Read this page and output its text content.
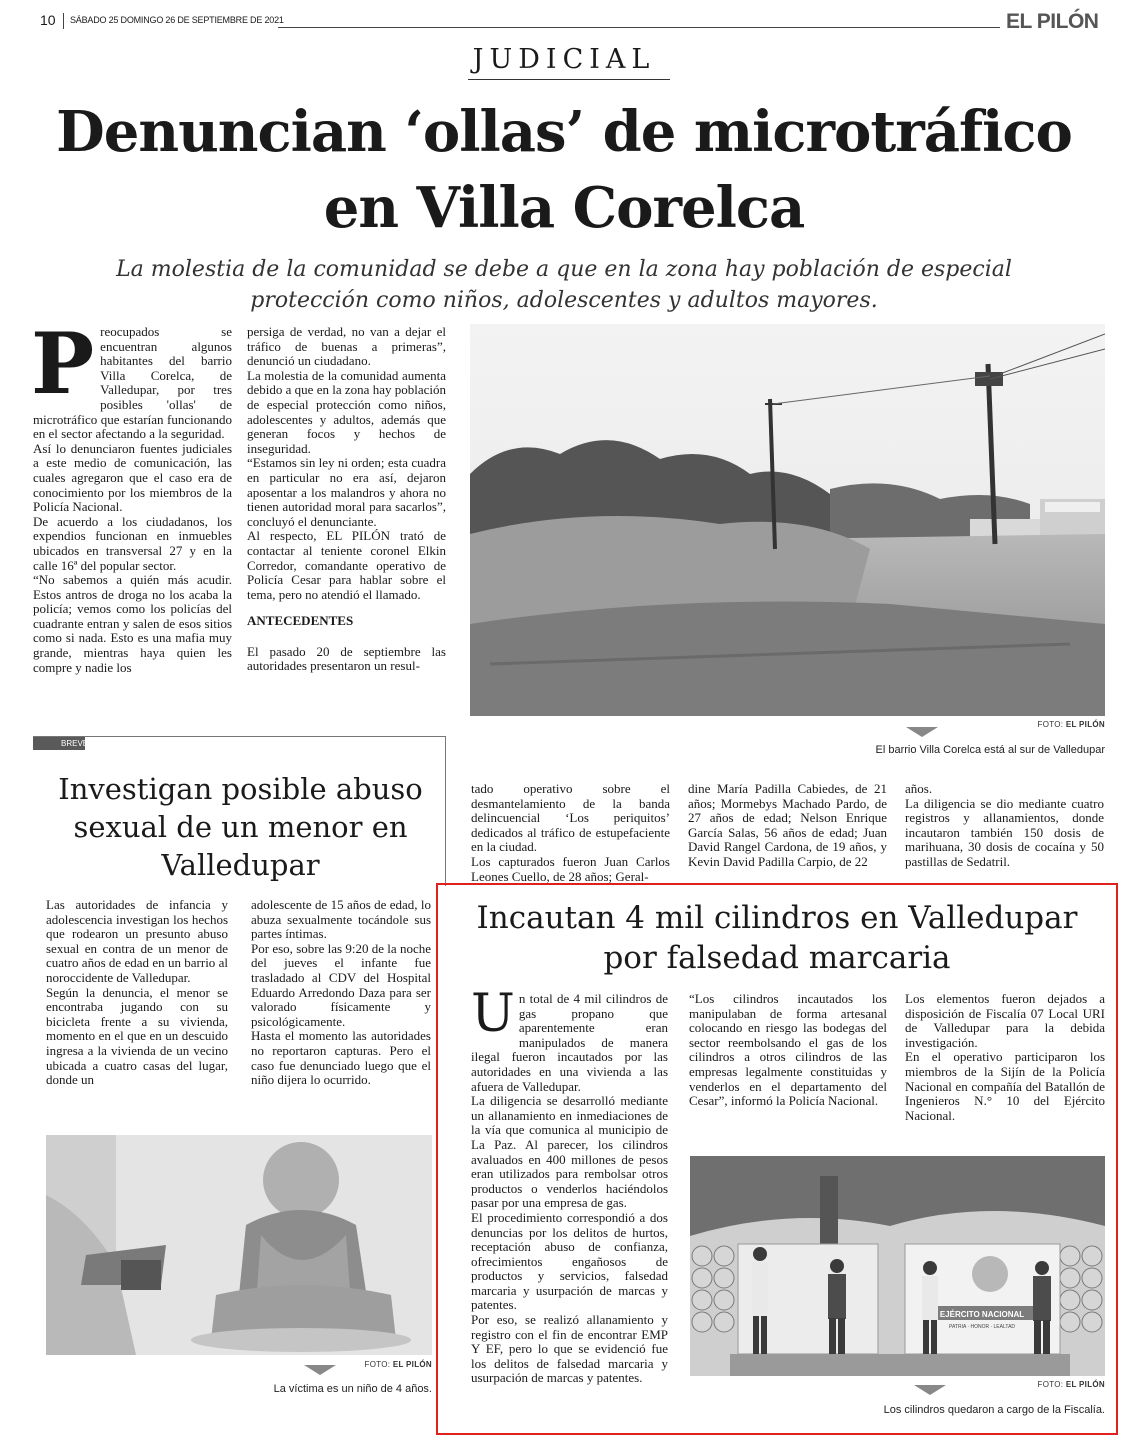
10 SÁBADO 25 DOMINGO 26 DE SEPTIEMBRE DE 2021	EL PILÓN
JUDICIAL
Denuncian ‘ollas’ de microtráfico
en Villa Corelca
La molestia de la comunidad se debe a que en la zona hay población de especial
protección como niños, adolescentes y adultos mayores.
P reocupados se encuentran algunos habitantes del barrio Villa Corelca, de Valledupar, por tres posibles 'ollas' de microtráfico que estarían funcionando en el sector afectando a la seguridad.

Así lo denunciaron fuentes judiciales a este medio de comunicación, las cuales agregaron que el caso era de conocimiento por los miembros de la Policía Nacional.

De acuerdo a los ciudadanos, los expendios funcionan en inmuebles ubicados en transversal 27 y en la calle 16ª del popular sector.

“No sabemos a quién más acudir. Estos antros de droga no los acaba la policía; vemos como los policías del cuadrante entran y salen de esos sitios como si nada. Esto es una mafia muy grande, mientras haya quien les compre y nadie los

persiga de verdad, no van a dejar el tráfico de buenas a primeras”, denunció un ciudadano.

La molestia de la comunidad aumenta debido a que en la zona hay población de especial protección como niños, adolescentes y adultos, además que generan focos y hechos de inseguridad.

“Estamos sin ley ni orden; esta cuadra en particular no era así, dejaron aposentar a los malandros y ahora no tienen autoridad moral para sacarlos”, concluyó el denunciante.

Al respecto, EL PILÓN trató de contactar al teniente coronel Elkin Corredor, comandante operativo de Policía Cesar para hablar sobre el tema, pero no atendió el llamado.

ANTECEDENTES

El pasado 20 de septiembre las autoridades presentaron un resul-

FOTO: EL PILÓN
El barrio Villa Corelca está al sur de Valledupar
BREVE
Investigan posible abuso sexual de un menor en Valledupar

Las autoridades de infancia y adolescencia investigan los hechos que rodearon un presunto abuso sexual en contra de un menor de cuatro años de edad en un barrio al noroccidente de Valledupar.

Según la denuncia, el menor se encontraba jugando con su bicicleta frente a su vivienda, momento en el que en un descuido ingresa a la vivienda de un vecino ubicada a cuatro casas del lugar, donde un

adolescente de 15 años de edad, lo abuza sexualmente tocándole sus partes íntimas.

Por eso, sobre las 9:20 de la noche del jueves el infante fue trasladado al CDV del Hospital Eduardo Arredondo Daza para ser valorado físicamente y psicológicamente.

Hasta el momento las autoridades no reportaron capturas. Pero el caso fue denunciado luego que el niño dijera lo ocurrido.

FOTO: EL PILÓN
La víctima es un niño de 4 años.
tado operativo sobre el desmantelamiento de la banda delincuencial ‘Los periquitos’ dedicados al tráfico de estupefaciente en la ciudad.
Los capturados fueron Juan Carlos Leones Cuello, de 28 años; Geral-
dine María Padilla Cabiedes, de 21 años; Mormebys Machado Pardo, de 27 años de edad; Nelson Enrique García Salas, 56 años de edad; Juan David Rangel Cardona, de 19 años, y Kevin David Padilla Carpio, de 22
años.
La diligencia se dio mediante cuatro registros y allanamientos, donde incautaron también 150 dosis de marihuana, 30 dosis de cocaína y 50 pastillas de Sedatril.
Incautan 4 mil cilindros en Valledupar
por falsedad marcaria
U n total de 4 mil cilindros de gas propano que aparentemente eran manipulados de manera ilegal fueron incautados por las autoridades en una vivienda a las afuera de Valledupar.

La diligencia se desarrolló mediante un allanamiento en inmediaciones de la vía que comunica al municipio de La Paz. Al parecer, los cilindros avaluados en 400 millones de pesos eran utilizados para rembolsar otros productos o venderlos haciéndolos pasar por una empresa de gas.

El procedimiento correspondió a dos denuncias por los delitos de hurtos, receptación abuso de confianza, ofrecimientos engañosos de productos y servicios, falsedad marcaria y usurpación de marcas y patentes.

Por eso, se realizó allanamiento y registro con el fin de encontrar EMP Y EF, pero lo que se evidenció fue los delitos de falsedad marcaria y usurpación de marcas y patentes.

“Los cilindros incautados los manipulaban de forma artesanal colocando en riesgo las bodegas del sector reembolsando el gas de los cilindros a otros cilindros de las empresas legalmente constituidas y venderlos en el departamento del Cesar”, informó la Policía Nacional.

Los elementos fueron dejados a disposición de Fiscalía 07 Local URI de Valledupar para la debida investigación.

En el operativo participaron los miembros de la Sijín de la Policía Nacional en compañía del Batallón de Ingenieros N.° 10 del Ejército Nacional.

EJÉRCITO NACIONAL
PATRIA · HONOR · LEALTAD
FOTO: EL PILÓN
Los cilindros quedaron a cargo de la Fiscalía.
